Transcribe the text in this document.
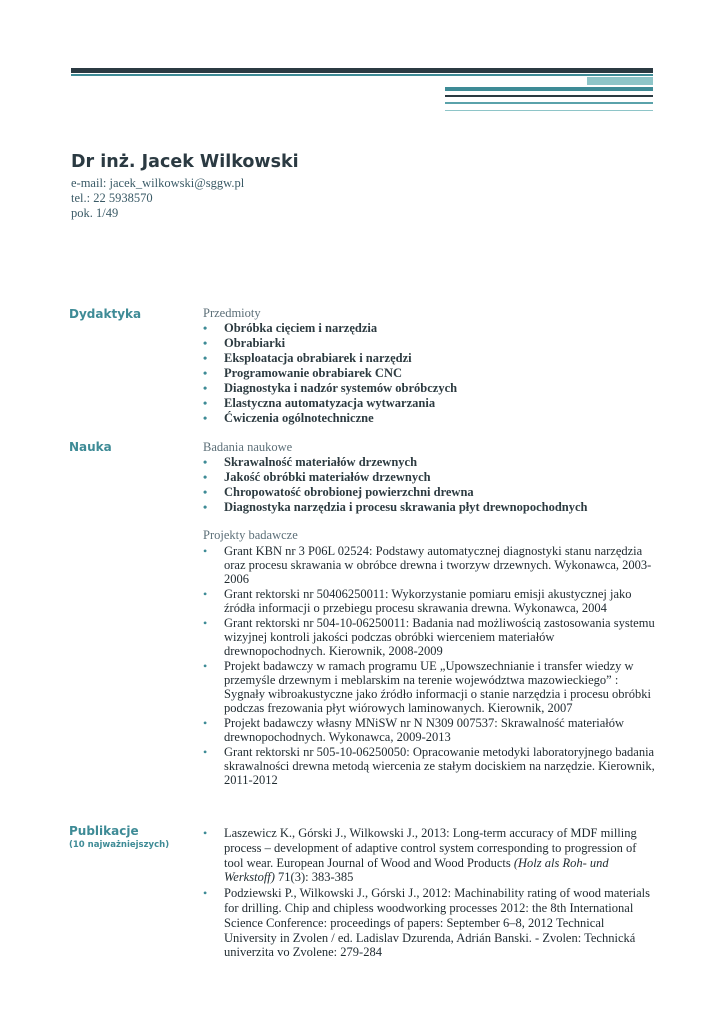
Dr inż. Jacek Wilkowski
e-mail: jacek_wilkowski@sggw.pl
tel.: 22 5938570
pok. 1/49
Dydaktyka	Przedmioty
• Obróbka cięciem i narzędzia
• Obrabiarki
• Eksploatacja obrabiarek i narzędzi
• Programowanie obrabiarek CNC
• Diagnostyka i nadzór systemów obróbczych
• Elastyczna automatyzacja wytwarzania
• Ćwiczenia ogólnotechniczne
Nauka	Badania naukowe
• Skrawalność materiałów drzewnych
• Jakość obróbki materiałów drzewnych
• Chropowatość obrobionej powierzchni drewna
• Diagnostyka narzędzia i procesu skrawania płyt drewnopochodnych
Projekty badawcze
• Grant KBN nr 3 P06L 02524: Podstawy automatycznej diagnostyki stanu narzędzia oraz procesu skrawania w obróbce drewna i tworzyw drzewnych. Wykonawca, 2003-2006
• Grant rektorski nr 50406250011: Wykorzystanie pomiaru emisji akustycznej jako źródła informacji o przebiegu procesu skrawania drewna. Wykonawca, 2004
• Grant rektorski nr 504-10-06250011: Badania nad możliwością zastosowania systemu wizyjnej kontroli jakości podczas obróbki wierceniem materiałów drewnopochodnych. Kierownik, 2008-2009
• Projekt badawczy w ramach programu UE „Upowszechnianie i transfer wiedzy w przemyśle drzewnym i meblarskim na terenie województwa mazowieckiego” : Sygnały wibroakustyczne jako źródło informacji o stanie narzędzia i procesu obróbki podczas frezowania płyt wiórowych laminowanych. Kierownik, 2007
• Projekt badawczy własny MNiSW nr N N309 007537: Skrawalność materiałów drewnopochodnych. Wykonawca, 2009-2013
• Grant rektorski nr 505-10-06250050: Opracowanie metodyki laboratoryjnego badania skrawalności drewna metodą wiercenia ze stałym dociskiem na narzędzie. Kierownik, 2011-2012
Publikacje
(10 najważniejszych)
• Laszewicz K., Górski J., Wilkowski J., 2013: Long-term accuracy of MDF milling process – development of adaptive control system corresponding to progression of tool wear. European Journal of Wood and Wood Products (Holz als Roh- und Werkstoff) 71(3): 383-385
• Podziewski P., Wilkowski J., Górski J., 2012: Machinability rating of wood materials for drilling. Chip and chipless woodworking processes 2012: the 8th International Science Conference: proceedings of papers: September 6–8, 2012 Technical University in Zvolen / ed. Ladislav Dzurenda, Adrián Banski. - Zvolen: Technická univerzita vo Zvolene: 279-284
